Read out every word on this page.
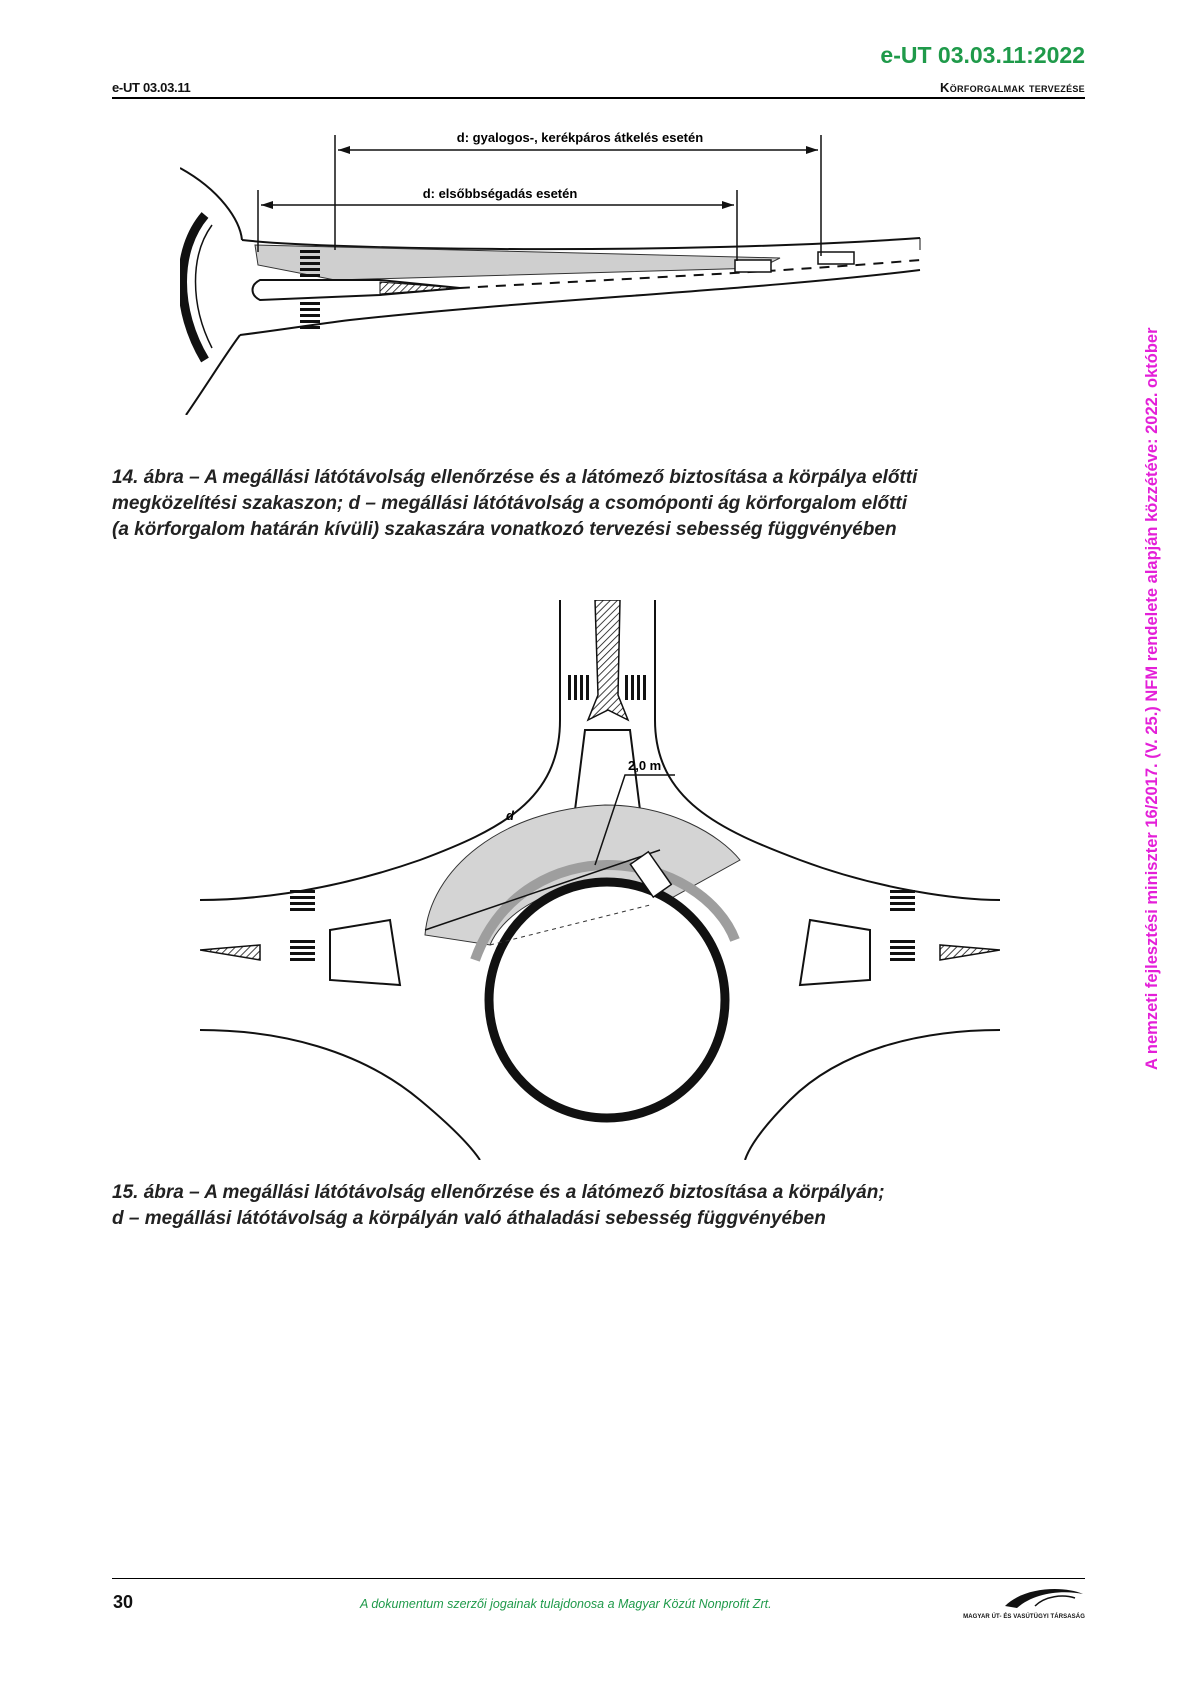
e-UT 03.03.11:2022
e-UT 03.03.11	Körforgalmak tervezése
d: gyalogos-, kerékpáros átkelés esetén
d: elsőbbségadás esetén
14. ábra – A megállási látótávolság ellenőrzése és a látómező biztosítása a körpálya előtti
megközelítési szakaszon; d – megállási látótávolság a csomóponti ág körforgalom előtti
(a körforgalom határán kívüli) szakaszára vonatkozó tervezési sebesség függvényében
2,0 m
d
15. ábra – A megállási látótávolság ellenőrzése és a látómező biztosítása a körpályán;
d – megállási látótávolság a körpályán való áthaladási sebesség függvényében
A nemzeti fejlesztési miniszter 16/2017. (V. 25.) NFM rendelete alapján közzétéve: 2022. október
30	A dokumentum szerzői jogainak tulajdonosa a Magyar Közút Nonprofit Zrt.
MAGYAR ÚT- ÉS VASÚTÜGYI TÁRSASÁG
